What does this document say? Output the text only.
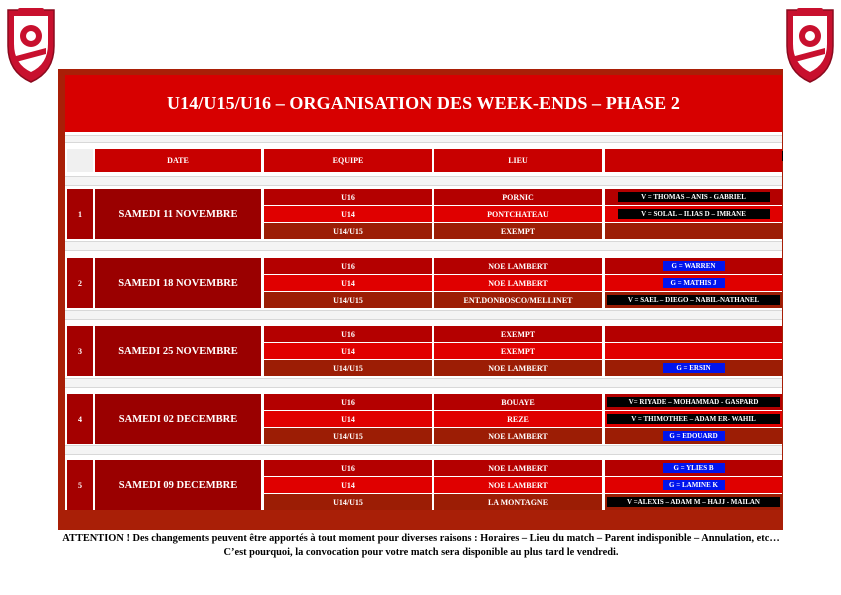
U14/U15/U16 – ORGANISATION DES WEEK-ENDS – PHASE 2
ATTENTION ! Des changements peuvent être apportés à tout moment pour diverses raisons : Horaires – Lieu du match – Parent indisponible – Annulation, etc… C’est pourquoi, la convocation pour votre match sera disponible au plus tard le vendredi.
DATE	EQUIPE	LIEU
1	SAMEDI 11 NOVEMBRE
U16	PORNIC	V = THOMAS – ANIS - GABRIEL
U14	PONTCHATEAU	V = SOLAL – ILIAS D – IMRANE
U14/U15	EXEMPT
2	SAMEDI 18 NOVEMBRE
U16	NOE LAMBERT	G = WARREN
U14	NOE LAMBERT	G = MATHIS J
U14/U15	ENT.DONBOSCO/MELLINET	V = SAEL – DIEGO – NABIL-NATHANEL
3	SAMEDI 25 NOVEMBRE
U16	EXEMPT
U14	EXEMPT
U14/U15	NOE LAMBERT	G = ERSIN
4	SAMEDI 02 DECEMBRE
U16	BOUAYE	V= RIYADE – MOHAMMAD - GASPARD
U14	REZE	V = THIMOTHEE – ADAM ER- WAHIL
U14/U15	NOE LAMBERT	G = EDOUARD
5	SAMEDI 09 DECEMBRE
U16	NOE LAMBERT	G = YLIES B
U14	NOE LAMBERT	G = LAMINE K
U14/U15	LA MONTAGNE	V =ALEXIS – ADAM M – HAJJ - MAILAN
